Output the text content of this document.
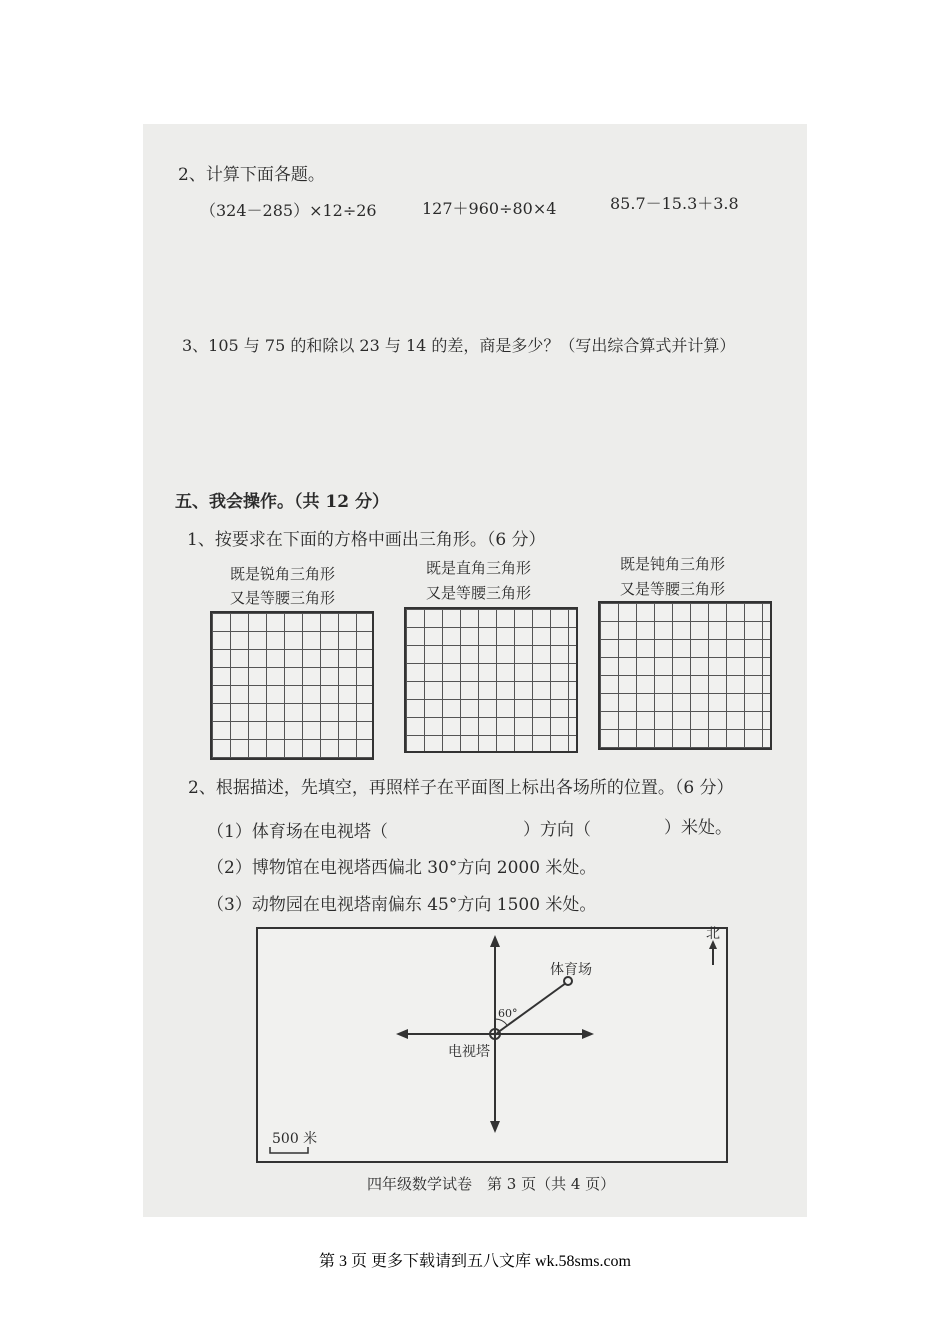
2、计算下面各题。
（324－285）×12÷26	127＋960÷80×4	85.7－15.3＋3.8
3、105 与 75 的和除以 23 与 14 的差，商是多少？（写出综合算式并计算）
五、我会操作。（共 12 分）
1、按要求在下面的方格中画出三角形。（6 分）
既是锐角三角形
又是等腰三角形
既是直角三角形
又是等腰三角形
既是钝角三角形
又是等腰三角形
2、根据描述，先填空，再照样子在平面图上标出各场所的位置。（6 分）
（1）体育场在电视塔（	）方向（	）米处。
（2）博物馆在电视塔西偏北 30°方向 2000 米处。
（3）动物园在电视塔南偏东 45°方向 1500 米处。
北
体育场
电视塔
60°
500 米
四年级数学试卷　第 3 页（共 4 页）
第 3 页 更多下载请到五八文库 wk.58sms.com
